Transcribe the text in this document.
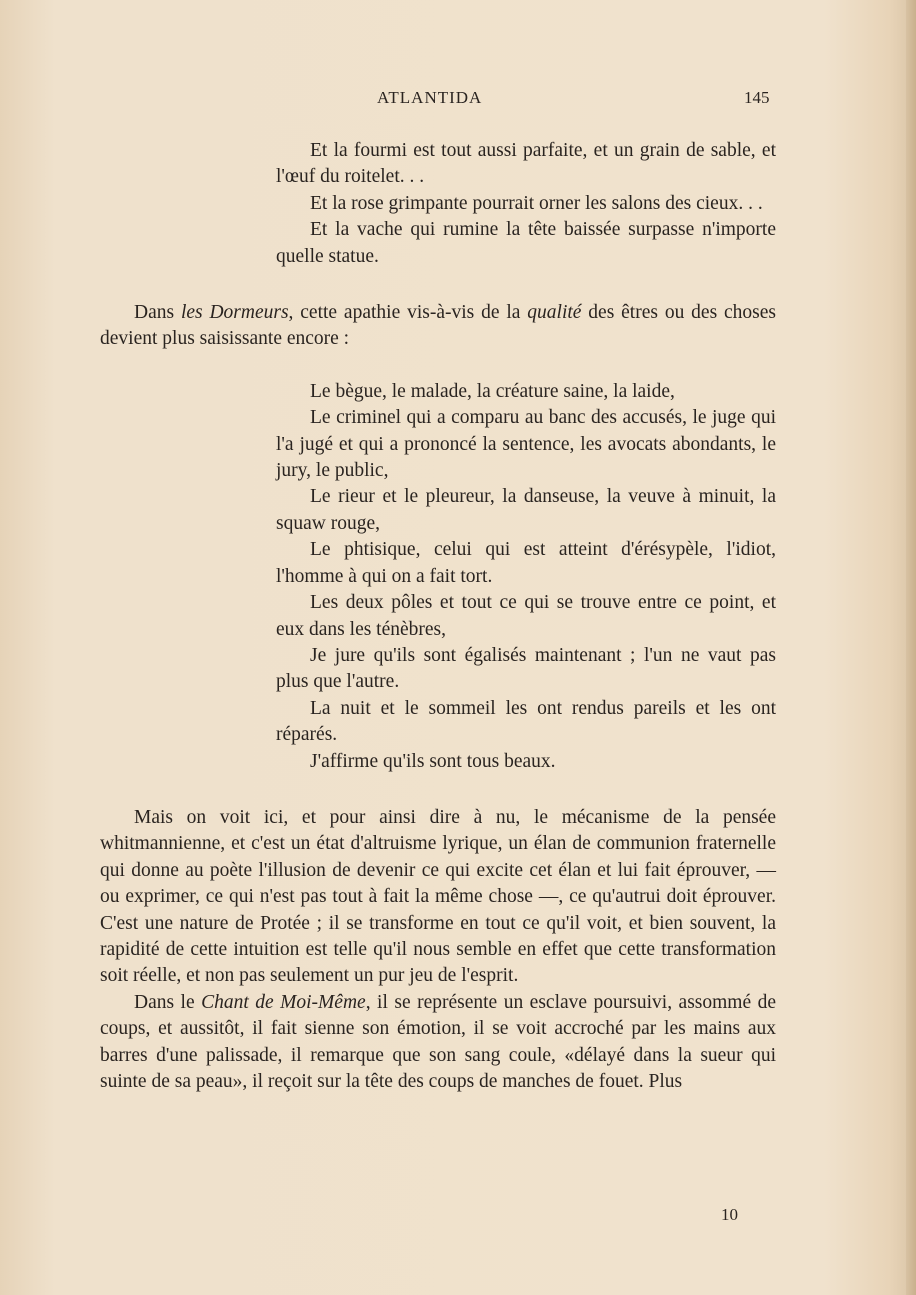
ATLANTIDA	145

Et la fourmi est tout aussi parfaite, et un grain de sable, et l'œuf du roitelet. . .

Et la rose grimpante pourrait orner les salons des cieux. . .

Et la vache qui rumine la tête baissée surpasse n'importe quelle statue.

Dans les Dormeurs, cette apathie vis-à-vis de la qualité des êtres ou des choses devient plus saisissante encore :

Le bègue, le malade, la créature saine, la laide,

Le criminel qui a comparu au banc des accusés, le juge qui l'a jugé et qui a prononcé la sentence, les avocats abondants, le jury, le public,

Le rieur et le pleureur, la danseuse, la veuve à minuit, la squaw rouge,

Le phtisique, celui qui est atteint d'érésypèle, l'idiot, l'homme à qui on a fait tort.

Les deux pôles et tout ce qui se trouve entre ce point, et eux dans les ténèbres,

Je jure qu'ils sont égalisés maintenant ; l'un ne vaut pas plus que l'autre.

La nuit et le sommeil les ont rendus pareils et les ont réparés.

J'affirme qu'ils sont tous beaux.

Mais on voit ici, et pour ainsi dire à nu, le mécanisme de la pensée whitmannienne, et c'est un état d'altruisme lyrique, un élan de communion fraternelle qui donne au poète l'illusion de devenir ce qui excite cet élan et lui fait éprouver, — ou exprimer, ce qui n'est pas tout à fait la même chose —, ce qu'autrui doit éprouver. C'est une nature de Protée ; il se transforme en tout ce qu'il voit, et bien souvent, la rapidité de cette intuition est telle qu'il nous semble en effet que cette transformation soit réelle, et non pas seulement un pur jeu de l'esprit.

Dans le Chant de Moi-Même, il se représente un esclave poursuivi, assommé de coups, et aussitôt, il fait sienne son émotion, il se voit accroché par les mains aux barres d'une palissade, il remarque que son sang coule, «délayé dans la sueur qui suinte de sa peau», il reçoit sur la tête des coups de manches de fouet. Plus

10
